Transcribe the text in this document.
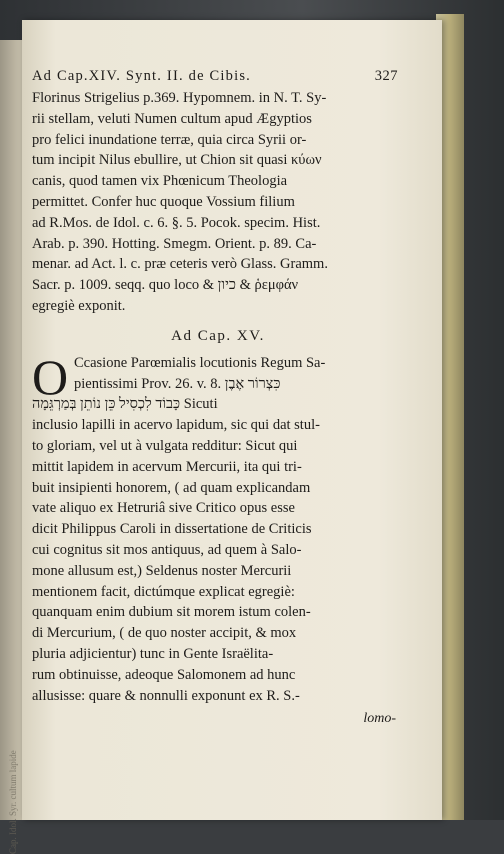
Cap. Idol. Syr. cultum lapide
Ad Cap.XIV. Synt. II. de Cibis.	327
Florinus Strigelius p.369. Hypomnem. in N. T. Sy-
rii stellam, veluti Numen cultum apud Ægyptios
pro felici inundatione terræ, quia circa Syrii or-
tum incipit Nilus ebullire, ut Chion sit quasi κύων
canis, quod tamen vix Phœnicum Theologia
permittet. Confer huc quoque Vossium filium
ad R.Mos. de Idol. c. 6. §. 5. Pocok. specim. Hist.
Arab. p. 390. Hotting. Smegm. Orient. p. 89. Ca-
menar. ad Act. l. c. præ ceteris verò Glass. Gramm.
Sacr. p. 1009. seqq. quo loco & כיון & ῥεμφάν
egregiè exponit.
Ad Cap. XV.
O Ccasione Parœmialis locutionis Regum Sa-
pientissimi Prov. 26. v. 8. כִּצְרוֹר אֶבֶן
כָּבוֹד לִכְסִיל כֵּן נוֹתֵן בְּמַרְגֵּמָה Sicuti
inclusio lapilli in acervo lapidum, sic qui dat stul-
to gloriam, vel ut à vulgata redditur: Sicut qui
mittit lapidem in acervum Mercurii, ita qui tri-
buit insipienti honorem, ( ad quam explicandam
vate aliquo ex Hetruriâ sive Critico opus esse
dicit Philippus Caroli in dissertatione de Criticis
cui cognitus sit mos antiquus, ad quem à Salo-
mone allusum est,) Seldenus noster Mercurii
mentionem facit, dictúmque explicat egregiè:
quanquam enim dubium sit morem istum colen-
di Mercurium, ( de quo noster accipit, & mox
pluria adjicientur) tunc in Gente Israëlita-
rum obtinuisse, adeoque Salomonem ad hunc
allusisse: quare & nonnulli exponunt ex R. S.-
lomo-
